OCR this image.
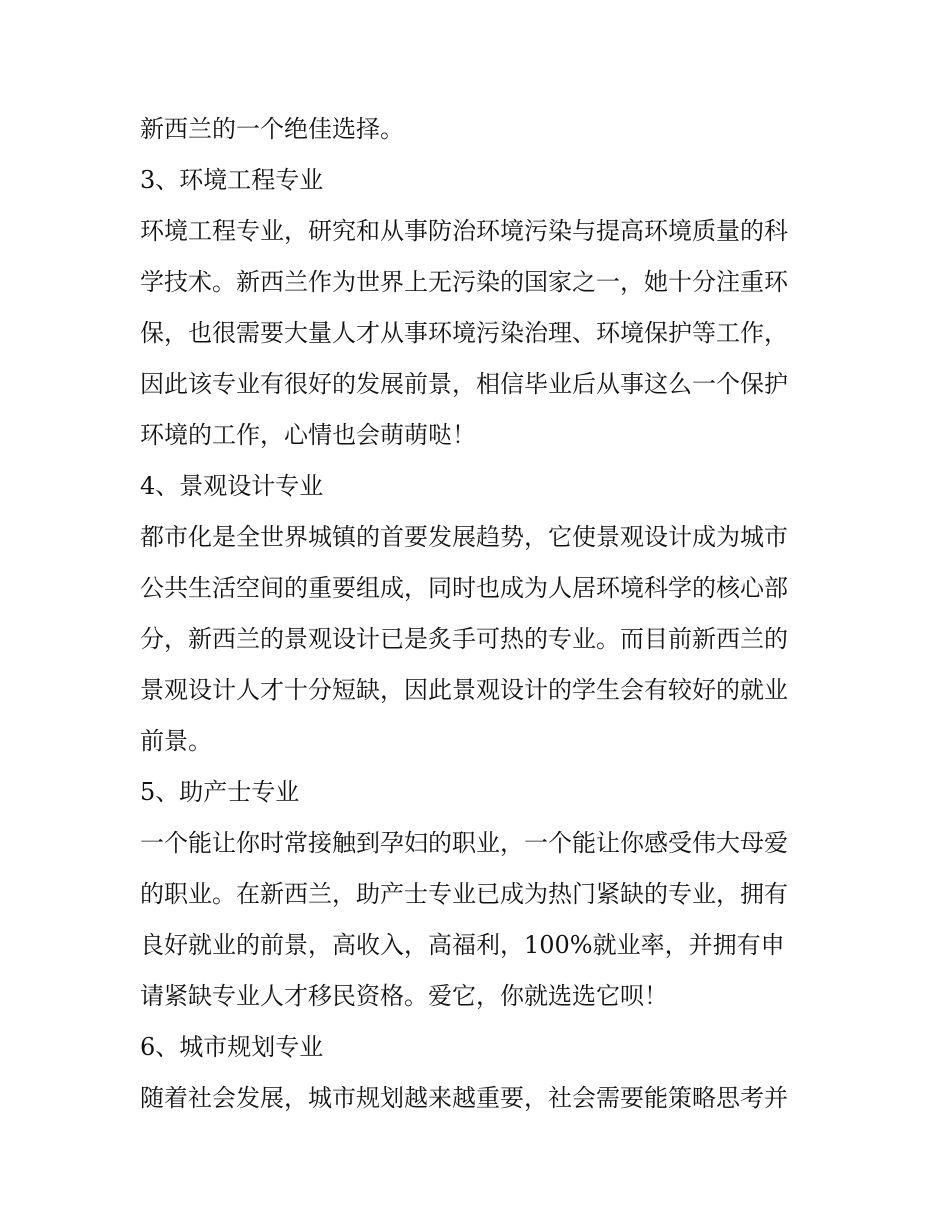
新西兰的一个绝佳选择。
3、环境工程专业
环境工程专业，研究和从事防治环境污染与提高环境质量的科
学技术。新西兰作为世界上无污染的国家之一，她十分注重环
保，也很需要大量人才从事环境污染治理、环境保护等工作，
因此该专业有很好的发展前景，相信毕业后从事这么一个保护
环境的工作，心情也会萌萌哒！
4、景观设计专业
都市化是全世界城镇的首要发展趋势，它使景观设计成为城市
公共生活空间的重要组成，同时也成为人居环境科学的核心部
分，新西兰的景观设计已是炙手可热的专业。而目前新西兰的
景观设计人才十分短缺，因此景观设计的学生会有较好的就业
前景。
5、助产士专业
一个能让你时常接触到孕妇的职业，一个能让你感受伟大母爱
的职业。在新西兰，助产士专业已成为热门紧缺的专业，拥有
良好就业的前景，高收入，高福利，100%就业率，并拥有申
请紧缺专业人才移民资格。爱它，你就选选它呗！
6、城市规划专业
随着社会发展，城市规划越来越重要，社会需要能策略思考并
